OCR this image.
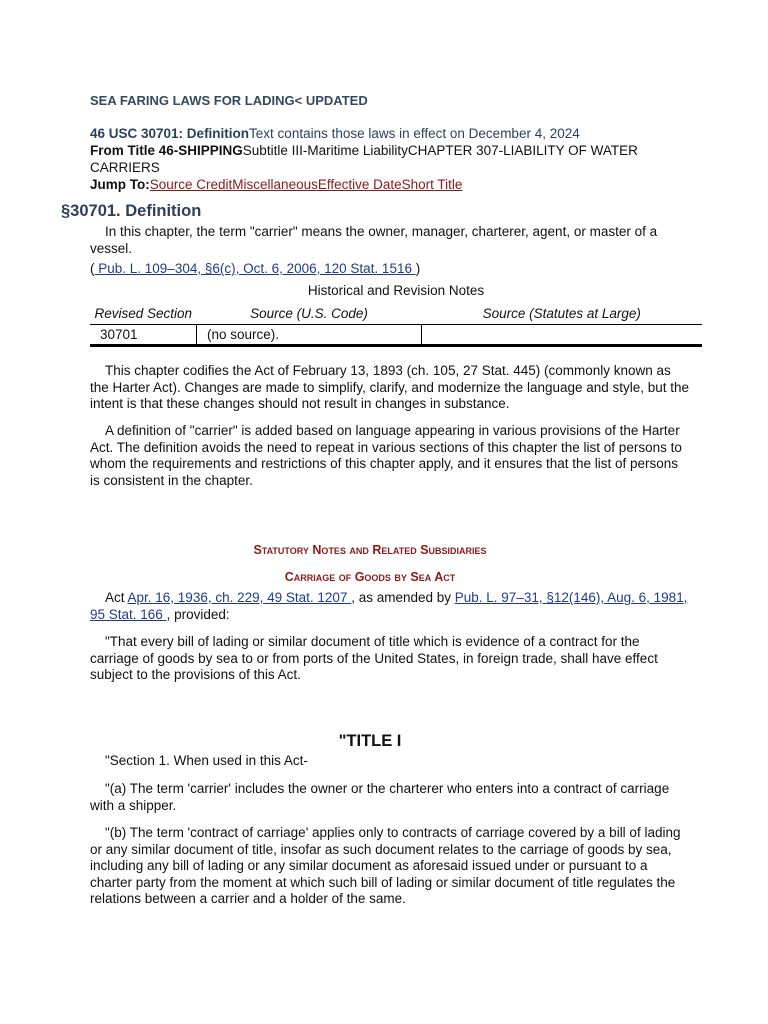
SEA FARING LAWS FOR LADING< UPDATED
46 USC 30701: DefinitionText contains those laws in effect on December 4, 2024
From Title 46-SHIPPINGSubtitle III-Maritime LiabilityCHAPTER 307-LIABILITY OF WATER CARRIERS
Jump To:Source CreditMiscellaneousEffective DateShort Title
§30701. Definition
In this chapter, the term "carrier" means the owner, manager, charterer, agent, or master of a vessel.
( Pub. L. 109–304, §6(c), Oct. 6, 2006, 120 Stat. 1516 )
Historical and Revision Notes
Revised Section	Source (U.S. Code)	Source (Statutes at Large)
30701	(no source).	
This chapter codifies the Act of February 13, 1893 (ch. 105, 27 Stat. 445) (commonly known as the Harter Act). Changes are made to simplify, clarify, and modernize the language and style, but the intent is that these changes should not result in changes in substance.
A definition of "carrier" is added based on language appearing in various provisions of the Harter Act. The definition avoids the need to repeat in various sections of this chapter the list of persons to whom the requirements and restrictions of this chapter apply, and it ensures that the list of persons is consistent in the chapter.
Statutory Notes and Related Subsidiaries
Carriage of Goods by Sea Act
Act Apr. 16, 1936, ch. 229, 49 Stat. 1207 , as amended by Pub. L. 97–31, §12(146), Aug. 6, 1981, 95 Stat. 166 , provided:
"That every bill of lading or similar document of title which is evidence of a contract for the carriage of goods by sea to or from ports of the United States, in foreign trade, shall have effect subject to the provisions of this Act.
"TITLE I
"Section 1. When used in this Act-
"(a) The term 'carrier' includes the owner or the charterer who enters into a contract of carriage with a shipper.
"(b) The term 'contract of carriage' applies only to contracts of carriage covered by a bill of lading or any similar document of title, insofar as such document relates to the carriage of goods by sea, including any bill of lading or any similar document as aforesaid issued under or pursuant to a charter party from the moment at which such bill of lading or similar document of title regulates the relations between a carrier and a holder of the same.
